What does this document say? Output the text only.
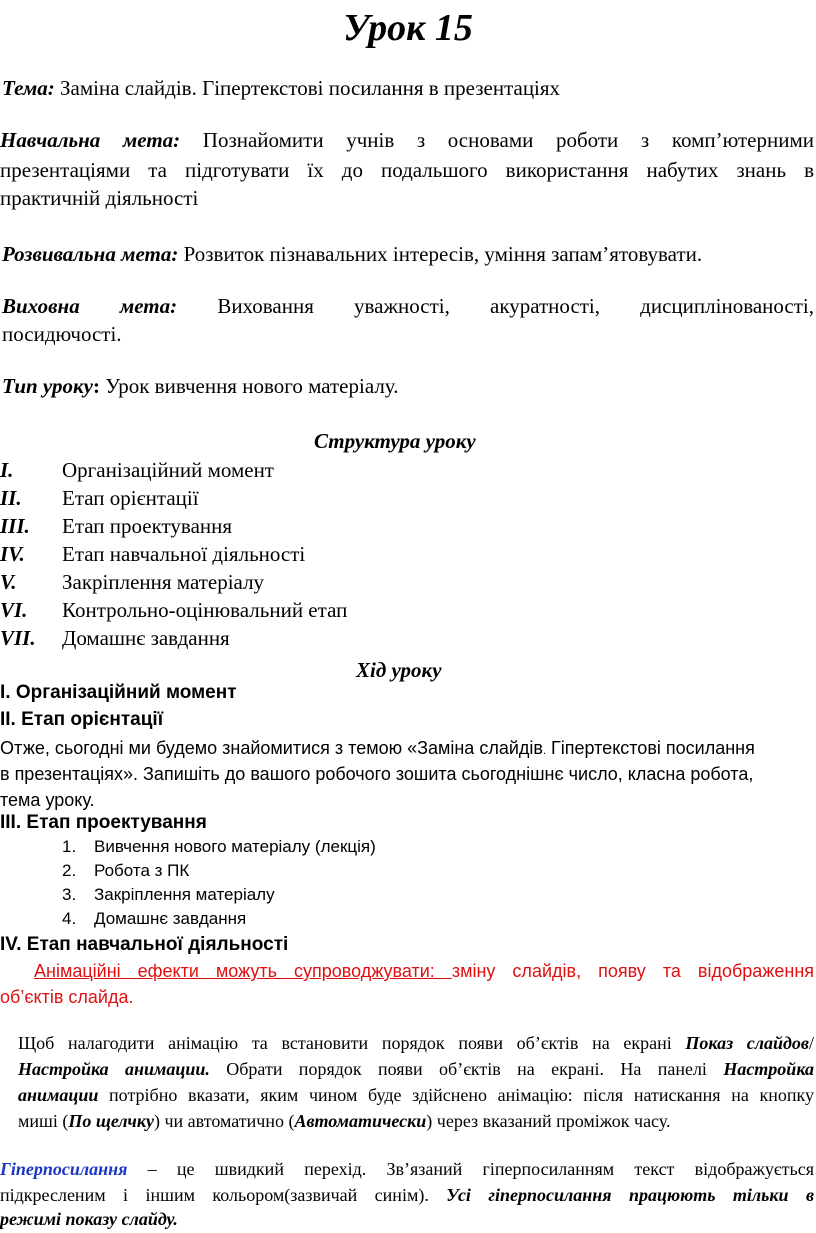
Урок 15
Тема: Заміна слайдів. Гіпертекстові посилання в презентаціях
Навчальна мета: Познайомити учнів з основами роботи з комп’ютерними
презентаціями та підготувати їх до подальшого використання набутих знань в
практичній діяльності
Розвивальна мета: Розвиток пізнавальних інтересів, уміння запам’ятовувати.
Виховна мета: Виховання уважності, акуратності, дисциплінованості,
посидючості.
Тип уроку: Урок вивчення нового матеріалу.
Структура уроку
I. Організаційний момент
II. Етап орієнтації
III. Етап проектування
IV. Етап навчальної діяльності
V. Закріплення матеріалу
VI. Контрольно-оцінювальний етап
VII. Домашнє завдання
Хід уроку
I. Організаційний момент
II. Етап орієнтації
Отже, сьогодні ми будемо знайомитися з темою «Заміна слайдів. Гіпертекстові посилання
в презентаціях». Запишіть до вашого робочого зошита сьогоднішнє число, класна робота,
тема уроку.
III. Етап проектування
1. Вивчення нового матеріалу (лекція)
2. Робота з ПК
3. Закріплення матеріалу
4. Домашнє завдання
IV. Етап навчальної діяльності
Анімаційні ефекти можуть супроводжувати: зміну слайдів, появу та відображення
об’єктів слайда.
Щоб налагодити анімацію та встановити порядок появи об’єктів на екрані Показ слайдов/
Настройка анимации. Обрати порядок появи об’єктів на екрані. На панелі Настройка
анимации потрібно вказати, яким чином буде здійснено анімацію: після натискання на кнопку
миші (По щелчку) чи автоматично (Автоматически) через вказаний проміжок часу.
Гіперпосилання – це швидкий перехід. Зв’язаний гіперпосиланням текст відображується
підкресленим і іншим кольором(зазвичай синім). Усі гіперпосилання працюють тільки в
режимі показу слайду.
